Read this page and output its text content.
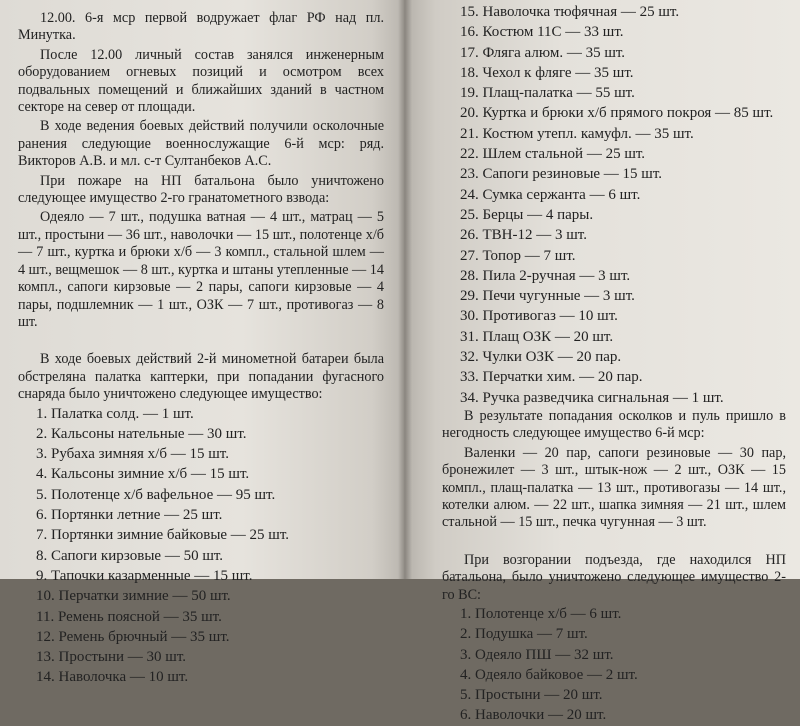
12.00. 6-я мср первой водружает флаг РФ над пл. Минутка.

После 12.00 личный состав занялся инженерным оборудованием огневых позиций и осмотром всех подвальных помещений и ближайших зданий в частном секторе на север от площади.

В ходе ведения боевых действий получили осколочные ранения следующие военнослужащие 6-й мср: ряд. Викторов А.В. и мл. с-т Султанбеков А.С.

При пожаре на НП батальона было уничтожено следующее имущество 2-го гранатометного взвода:

Одеяло — 7 шт., подушка ватная — 4 шт., матрац — 5 шт., простыни — 36 шт., наволочки — 15 шт., полотенце х/б — 7 шт., куртка и брюки х/б — 3 компл., стальной шлем — 4 шт., вещмешок — 8 шт., куртка и штаны утепленные — 14 компл., сапоги кирзовые — 2 пары, сапоги кирзовые — 4 пары, подшлемник — 1 шт., ОЗК — 7 шт., противогаз — 8 шт.

В ходе боевых действий 2-й минометной батареи была обстреляна палатка каптерки, при попадании фугасного снаряда было уничтожено следующее имущество:

1. Палатка солд. — 1 шт.
2. Кальсоны нательные — 30 шт.
3. Рубаха зимняя х/б — 15 шт.
4. Кальсоны зимние х/б — 15 шт.
5. Полотенце х/б вафельное — 95 шт.
6. Портянки летние — 25 шт.
7. Портянки зимние байковые — 25 шт.
8. Сапоги кирзовые — 50 шт.
9. Тапочки казарменные — 15 шт.
10. Перчатки зимние — 50 шт.
11. Ремень поясной — 35 шт.
12. Ремень брючный — 35 шт.
13. Простыни — 30 шт.
14. Наволочка — 10 шт.
15. Наволочка тюфячная — 25 шт.
16. Костюм 11С — 33 шт.
17. Фляга алюм. — 35 шт.
18. Чехол к фляге — 35 шт.
19. Плащ-палатка — 55 шт.
20. Куртка и брюки х/б прямого покроя — 85 шт.
21. Костюм утепл. камуфл. — 35 шт.
22. Шлем стальной — 25 шт.
23. Сапоги резиновые — 15 шт.
24. Сумка сержанта — 6 шт.
25. Берцы — 4 пары.
26. ТВН-12 — 3 шт.
27. Топор — 7 шт.
28. Пила 2-ручная — 3 шт.
29. Печи чугунные — 3 шт.
30. Противогаз — 10 шт.
31. Плащ ОЗК — 20 шт.
32. Чулки ОЗК — 20 пар.
33. Перчатки хим. — 20 пар.
34. Ручка разведчика сигнальная — 1 шт.

В результате попадания осколков и пуль пришло в негодность следующее имущество 6-й мср:

Валенки — 20 пар, сапоги резиновые — 30 пар, бронежилет — 3 шт., штык-нож — 2 шт., ОЗК — 15 компл., плащ-палатка — 13 шт., противогазы — 14 шт., котелки алюм. — 22 шт., шапка зимняя — 21 шт., шлем стальной — 15 шт., печка чугунная — 3 шт.

При возгорании подъезда, где находился НП батальона, было уничтожено следующее имущество 2-го ВС:

1. Полотенце х/б — 6 шт.
2. Подушка — 7 шт.
3. Одеяло ПШ — 32 шт.
4. Одеяло байковое — 2 шт.
5. Простыни — 20 шт.
6. Наволочки — 20 шт.
